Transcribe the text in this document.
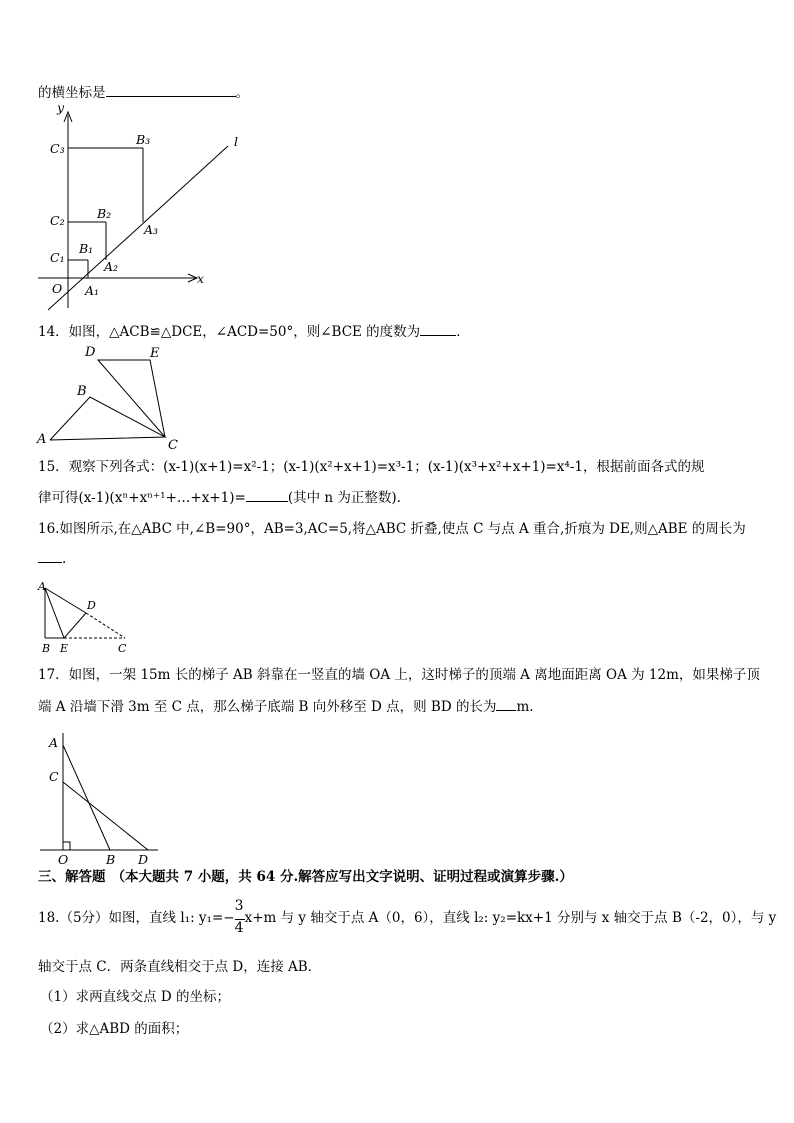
的横坐标是	。
y
x
l
O
C₃
C₂
C₁
B₃
B₂
B₁
A₃
A₂
A₁
14．如图，△ACB≌△DCE，∠ACD=50°，则∠BCE 的度数为	．
D	E
B
A	C
15．观察下列各式：(x-1)(x+1)=x²-1；(x-1)(x²+x+1)=x³-1；(x-1)(x³+x²+x+1)=x⁴-1，根据前面各式的规
律可得(x-1)(xⁿ+xⁿ⁺¹+…+x+1)=	(其中 n 为正整数).
16.如图所示,在△ABC 中,∠B=90°，AB=3,AC=5,将△ABC 折叠,使点 C 与点 A 重合,折痕为 DE,则△ABE 的周长为
.
A
D
B E	C
17．如图，一架 15m 长的梯子 AB 斜靠在一竖直的墙 OA 上，这时梯子的顶端 A 离地面距离 OA 为 12m，如果梯子顶
端 A 沿墙下滑 3m 至 C 点，那么梯子底端 B 向外移至 D 点，则 BD 的长为 m.
A
C
O	B D
三、解答题 （本大题共 7 小题，共 64 分.解答应写出文字说明、证明过程或演算步骤.）
18.（5分）如图，直线 l₁: $y_1=- \frac{3}{4} x+m$ 与 y 轴交于点 A（0，6），直线 l₂: y₂=kx+1 分别与 x 轴交于点 B（-2，0），与 y
轴交于点 C．两条直线相交于点 D，连接 AB．
（1）求两直线交点 D 的坐标；
（2）求△ABD 的面积；
